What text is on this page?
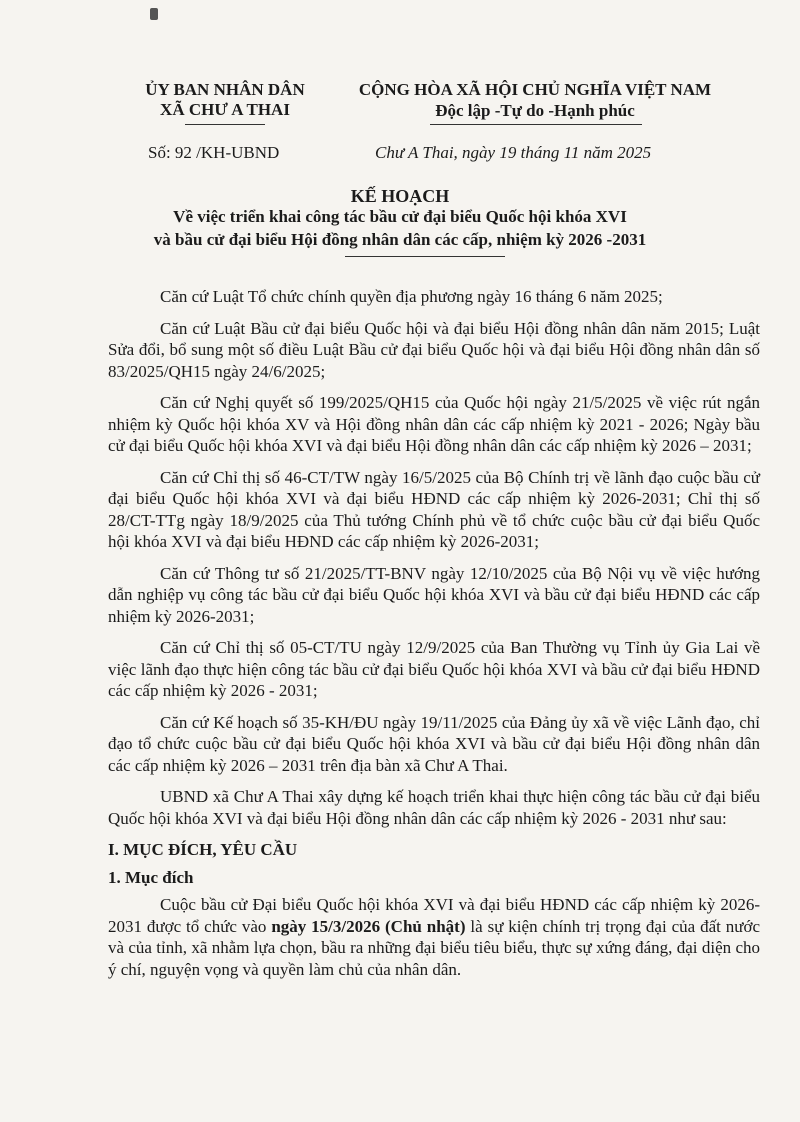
ỦY BAN NHÂN DÂN
XÃ CHƯ A THAI
CỘNG HÒA XÃ HỘI CHỦ NGHĨA VIỆT NAM
Độc lập -Tự do -Hạnh phúc
Số: 92 /KH-UBND	Chư A Thai, ngày 19 tháng 11 năm 2025
KẾ HOẠCH
Về việc triển khai công tác bầu cử đại biểu Quốc hội khóa XVI
và bầu cử đại biểu Hội đồng nhân dân các cấp, nhiệm kỳ 2026 -2031

Căn cứ Luật Tổ chức chính quyền địa phương ngày 16 tháng 6 năm 2025;

Căn cứ Luật Bầu cử đại biểu Quốc hội và đại biểu Hội đồng nhân dân năm 2015; Luật Sửa đổi, bổ sung một số điều Luật Bầu cử đại biểu Quốc hội và đại biểu Hội đồng nhân dân số 83/2025/QH15 ngày 24/6/2025;

Căn cứ Nghị quyết số 199/2025/QH15 của Quốc hội ngày 21/5/2025 về việc rút ngắn nhiệm kỳ Quốc hội khóa XV và Hội đồng nhân dân các cấp nhiệm kỳ 2021 - 2026; Ngày bầu cử đại biểu Quốc hội khóa XVI và đại biểu Hội đồng nhân dân các cấp nhiệm kỳ 2026 – 2031;

Căn cứ Chỉ thị số 46-CT/TW ngày 16/5/2025 của Bộ Chính trị về lãnh đạo cuộc bầu cử đại biểu Quốc hội khóa XVI và đại biểu HĐND các cấp nhiệm kỳ 2026-2031; Chỉ thị số 28/CT-TTg ngày 18/9/2025 của Thủ tướng Chính phủ về tổ chức cuộc bầu cử đại biểu Quốc hội khóa XVI và đại biểu HĐND các cấp nhiệm kỳ 2026-2031;

Căn cứ Thông tư số 21/2025/TT-BNV ngày 12/10/2025 của Bộ Nội vụ về việc hướng dẫn nghiệp vụ công tác bầu cử đại biểu Quốc hội khóa XVI và bầu cử đại biểu HĐND các cấp nhiệm kỳ 2026-2031;

Căn cứ Chỉ thị số 05-CT/TU ngày 12/9/2025 của Ban Thường vụ Tỉnh ủy Gia Lai về việc lãnh đạo thực hiện công tác bầu cử đại biểu Quốc hội khóa XVI và bầu cử đại biểu HĐND các cấp nhiệm kỳ 2026 - 2031;

Căn cứ Kế hoạch số 35-KH/ĐU ngày 19/11/2025 của Đảng ủy xã về việc Lãnh đạo, chỉ đạo tổ chức cuộc bầu cử đại biểu Quốc hội khóa XVI và bầu cử đại biểu Hội đồng nhân dân các cấp nhiệm kỳ 2026 – 2031 trên địa bàn xã Chư A Thai.

UBND xã Chư A Thai xây dựng kế hoạch triển khai thực hiện công tác bầu cử đại biểu Quốc hội khóa XVI và đại biểu Hội đồng nhân dân các cấp nhiệm kỳ 2026 - 2031 như sau:

I. MỤC ĐÍCH, YÊU CẦU
1. Mục đích

Cuộc bầu cử Đại biểu Quốc hội khóa XVI và đại biểu HĐND các cấp nhiệm kỳ 2026-2031 được tổ chức vào ngày 15/3/2026 (Chủ nhật) là sự kiện chính trị trọng đại của đất nước và của tỉnh, xã nhằm lựa chọn, bầu ra những đại biểu tiêu biểu, thực sự xứng đáng, đại diện cho ý chí, nguyện vọng và quyền làm chủ của nhân dân.
